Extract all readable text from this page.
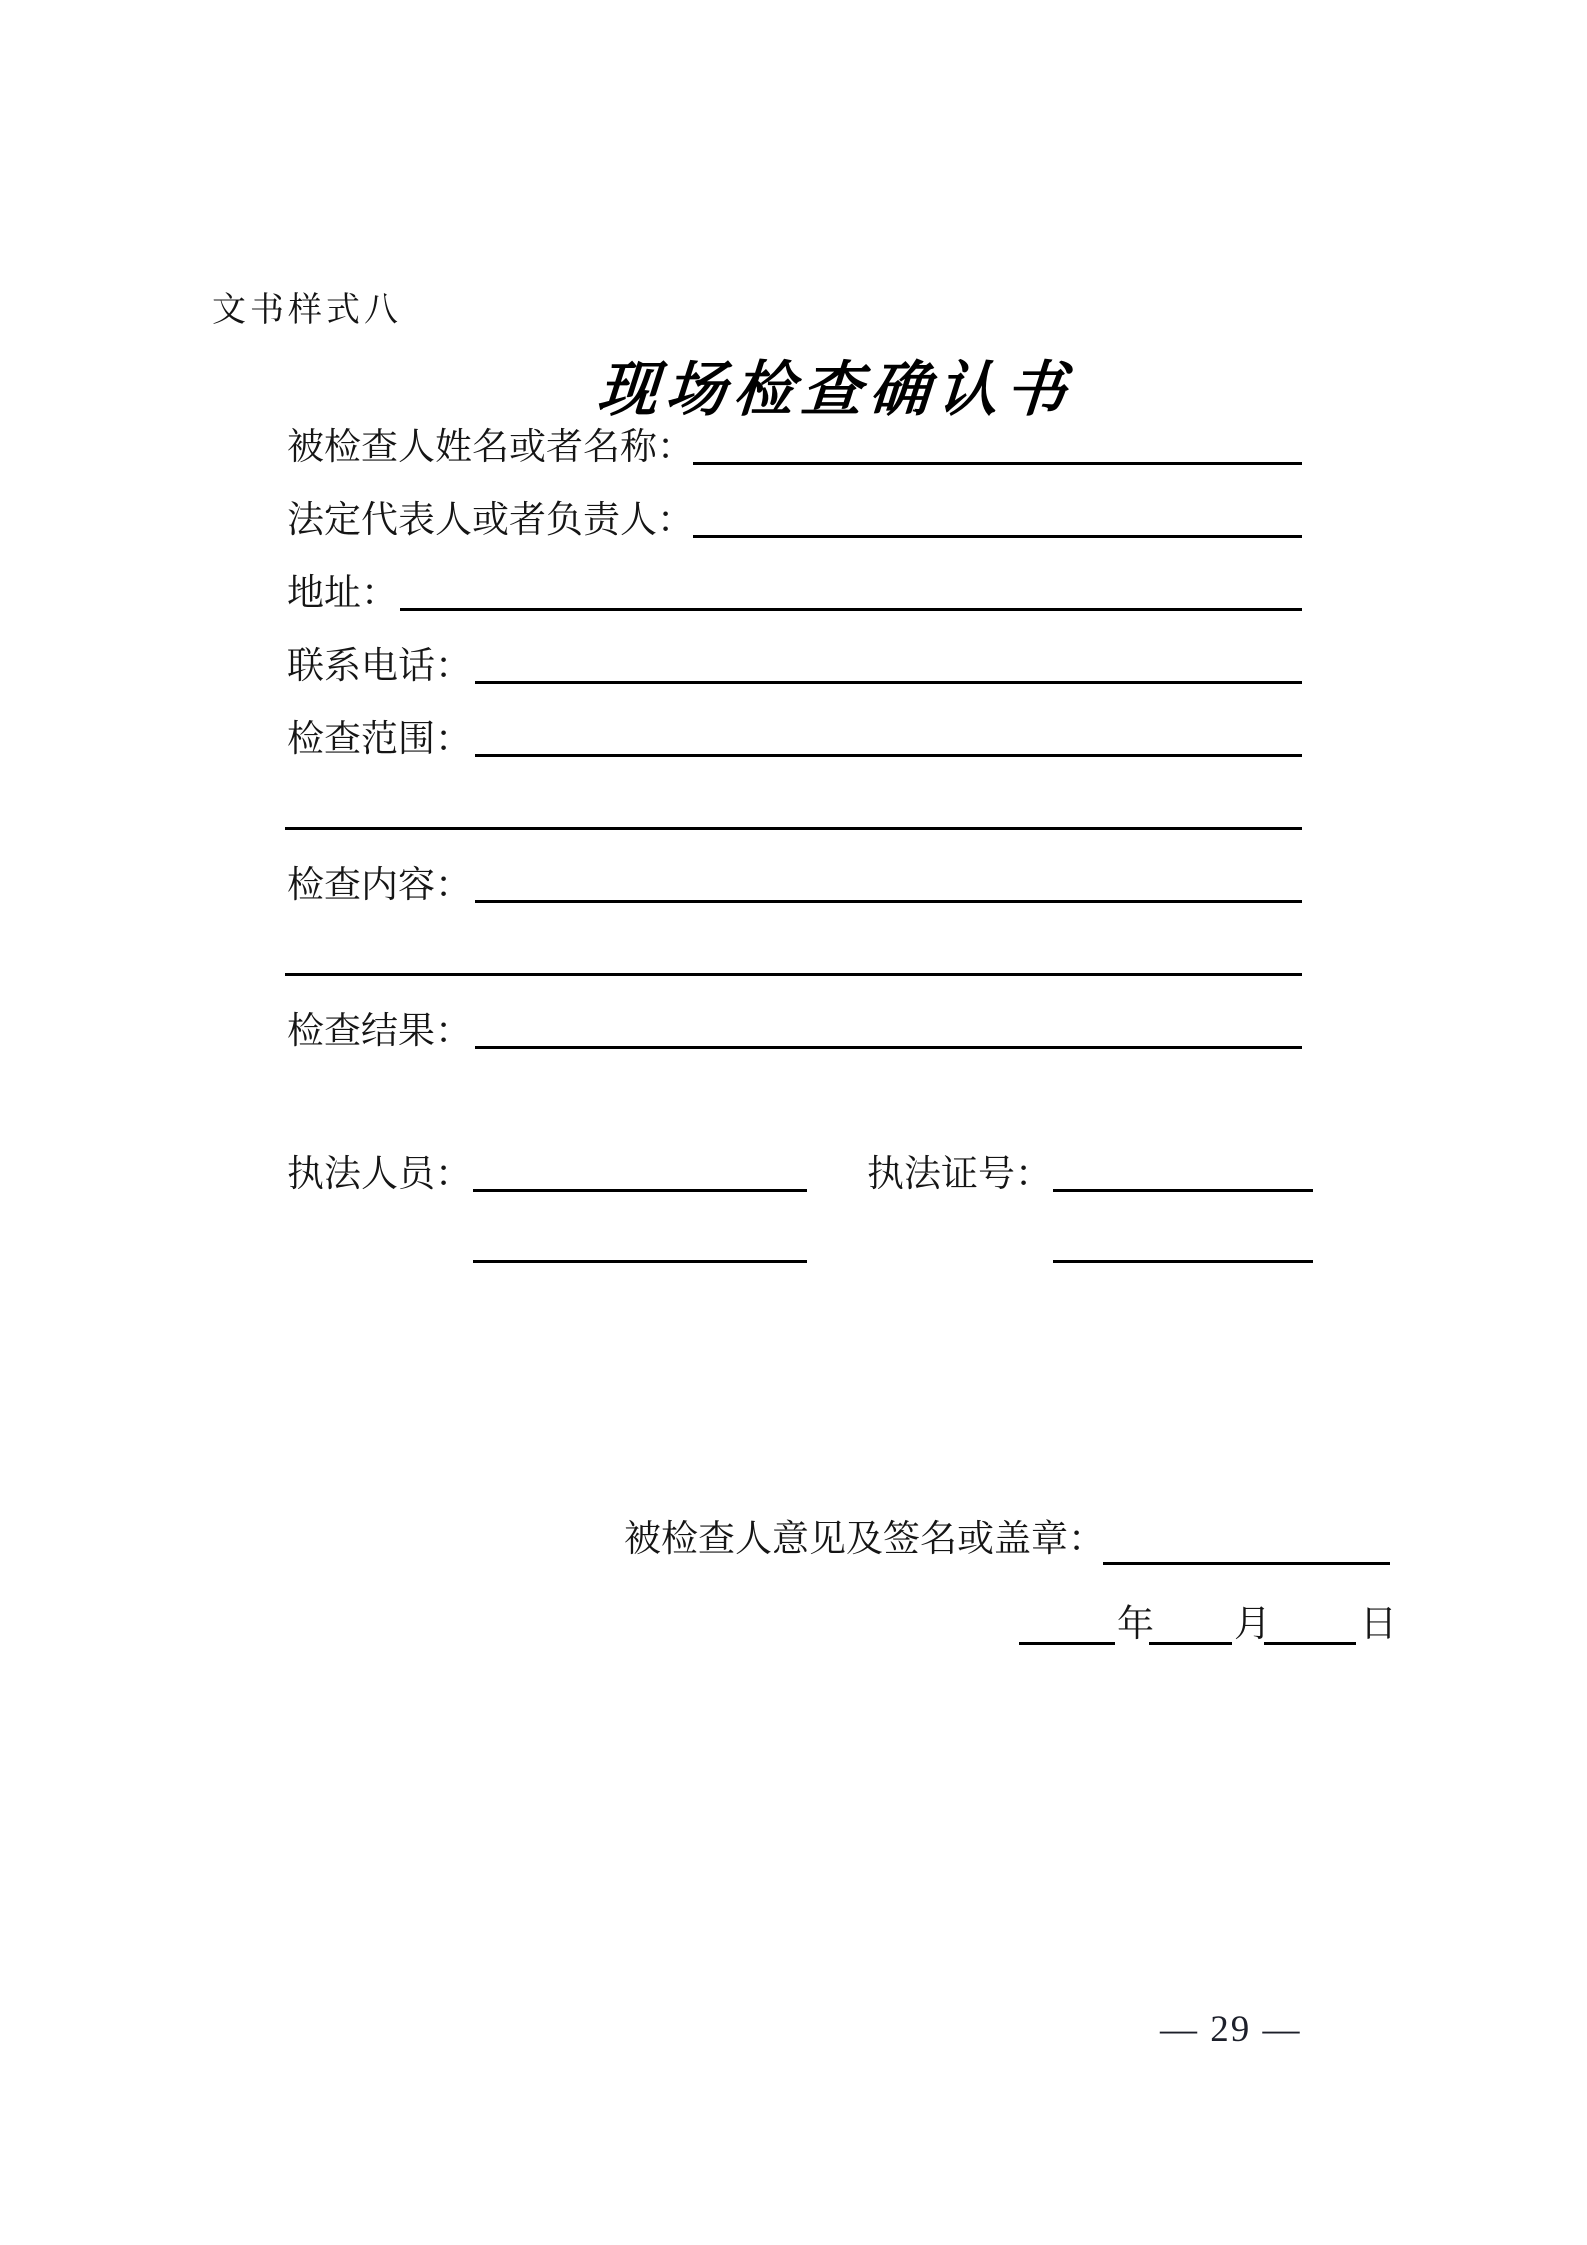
文书样式八
现场检查确认书
被检查人姓名或者名称：
法定代表人或者负责人：
地址：
联系电话：
检查范围：
检查内容：
检查结果：
执法人员：	执法证号：
被检查人意见及签名或盖章：
年 月 日
— 29 —
